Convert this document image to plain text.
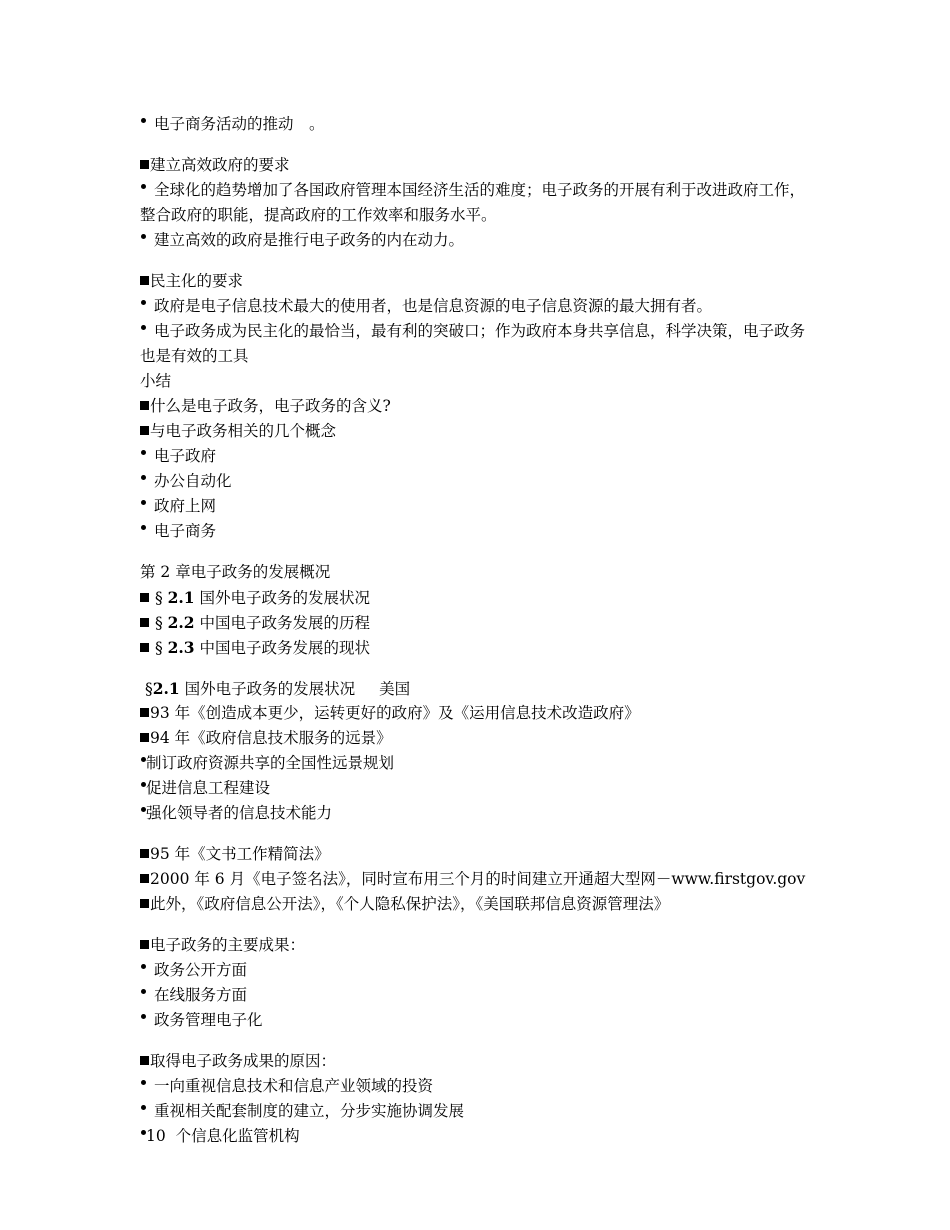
电子商务活动的推动　。
建立高效政府的要求
全球化的趋势增加了各国政府管理本国经济生活的难度；电子政务的开展有利于改进政府工作，整合政府的职能，提高政府的工作效率和服务水平。
建立高效的政府是推行电子政务的内在动力。
民主化的要求
政府是电子信息技术最大的使用者，也是信息资源的电子信息资源的最大拥有者。
电子政务成为民主化的最恰当，最有利的突破口；作为政府本身共享信息，科学决策，电子政务也是有效的工具
小结
什么是电子政务，电子政务的含义?
与电子政务相关的几个概念
电子政府
办公自动化
政府上网
电子商务
第 2 章电子政务的发展概况
§ 2.1 国外电子政务的发展状况
§ 2.2 中国电子政务发展的历程
§ 2.3 中国电子政务发展的现状
§2.1 国外电子政务的发展状况 美国
93 年《创造成本更少，运转更好的政府》及《运用信息技术改造政府》
94 年《政府信息技术服务的远景》
制订政府资源共享的全国性远景规划
促进信息工程建设
强化领导者的信息技术能力
95 年《文书工作精简法》
2000 年 6 月《电子签名法》，同时宣布用三个月的时间建立开通超大型网－www.firstgov.gov
此外，《政府信息公开法》，《个人隐私保护法》，《美国联邦信息资源管理法》
电子政务的主要成果：
政务公开方面
在线服务方面
政务管理电子化
取得电子政务成果的原因：
一向重视信息技术和信息产业领域的投资
重视相关配套制度的建立，分步实施协调发展
10  个信息化监管机构
